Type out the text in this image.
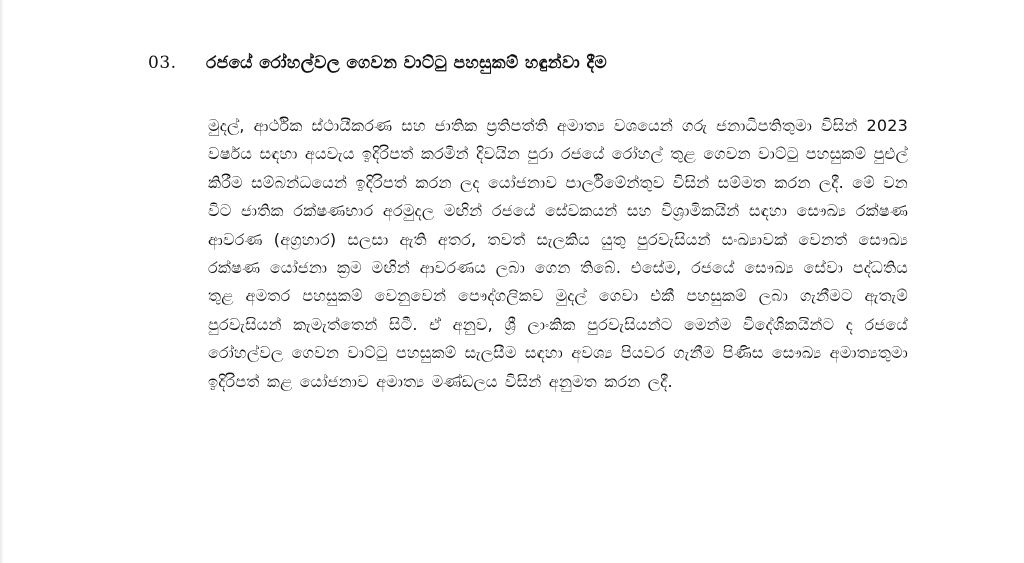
03.	රජයේ රෝහල්වල ගෙවන වාට්ටු පහසුකම් හඳුන්වා දීම

මුදල්, ආර්ථික ස්ථායීකරණ සහ ජාතික ප්‍රතිපත්ති අමාත්‍ය වශයෙන් ගරු ජනාධිපතිතුමා විසින් 2023 වර්ෂය සඳහා අයවැය ඉදිරිපත් කරමින් දිවයින පුරා රජයේ රෝහල් තුළ ගෙවන වාට්ටු පහසුකම් පුළුල් කිරීම සම්බන්ධයෙන් ඉදිරිපත් කරන ලද යෝජනාව පාර්ලිමේන්තුව විසින් සම්මත කරන ලදී. මේ වන විට ජාතික රක්ෂණභාර අරමුදල මඟින් රජයේ සේවකයන් සහ විශ්‍රාමිකයින් සඳහා සෞඛ්‍ය රක්ෂණ ආවරණ (අග්‍රහාර) සලසා ඇති අතර, තවත් සැලකිය යුතු පුරවැසියන් සංඛ්‍යාවක් වෙනත් සෞඛ්‍ය රක්ෂණ යෝජනා ක්‍රම මඟින් ආවරණය ලබා ගෙන තිබේ. එසේම, රජයේ සෞඛ්‍ය සේවා පද්ධතිය තුළ අමතර පහසුකම් වෙනුවෙන් පෞද්ගලිකව මුදල් ගෙවා එකී පහසුකම් ලබා ගැනීමට ඇතැම් පුරවැසියන් කැමැත්තෙන් සිටී. ඒ අනුව, ශ්‍රී ලාංකික පුරවැසියන්ට මෙන්ම විදේශිකයින්ට ද රජයේ රෝහල්වල ගෙවන වාට්ටු පහසුකම් සැලසීම සඳහා අවශ්‍ය පියවර ගැනීම පිණිස සෞඛ්‍ය අමාත්‍යතුමා ඉදිරිපත් කළ යෝජනාව අමාත්‍ය මණ්ඩලය විසින් අනුමත කරන ලදී.
